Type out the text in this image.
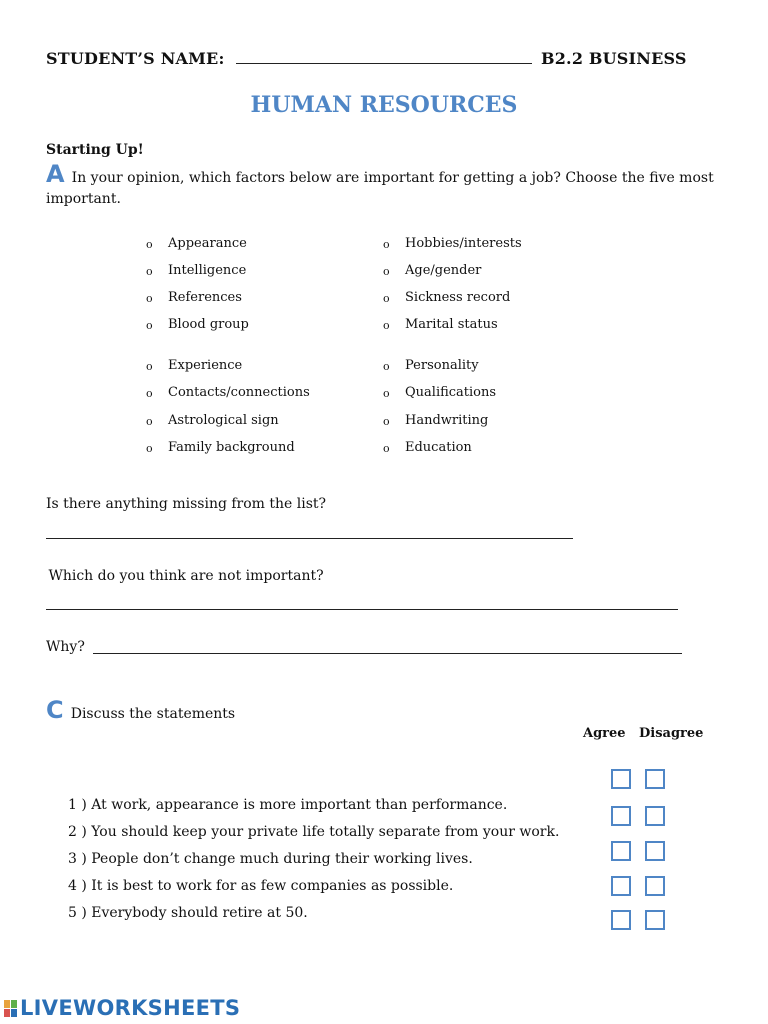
STUDENT’S NAME:	B2.2 BUSINESS
HUMAN RESOURCES
Starting Up!
A In your opinion, which factors below are important for getting a job? Choose the five most
important.
o Appearance
o Intelligence
o References
o Blood group
o Experience
o Contacts/connections
o Astrological sign
o Family background
o Hobbies/interests
o Age/gender
o Sickness record
o Marital status
o Personality
o Qualifications
o Handwriting
o Education
Is there anything missing from the list?
Which do you think are not important?
Why?
C Discuss the statements
Agree Disagree
1 ) At work, appearance is more important than performance.
2 ) You should keep your private life totally separate from your work.
3 ) People don’t change much during their working lives.
4 ) It is best to work for as few companies as possible.
5 ) Everybody should retire at 50.
LIVEWORKSHEETS
